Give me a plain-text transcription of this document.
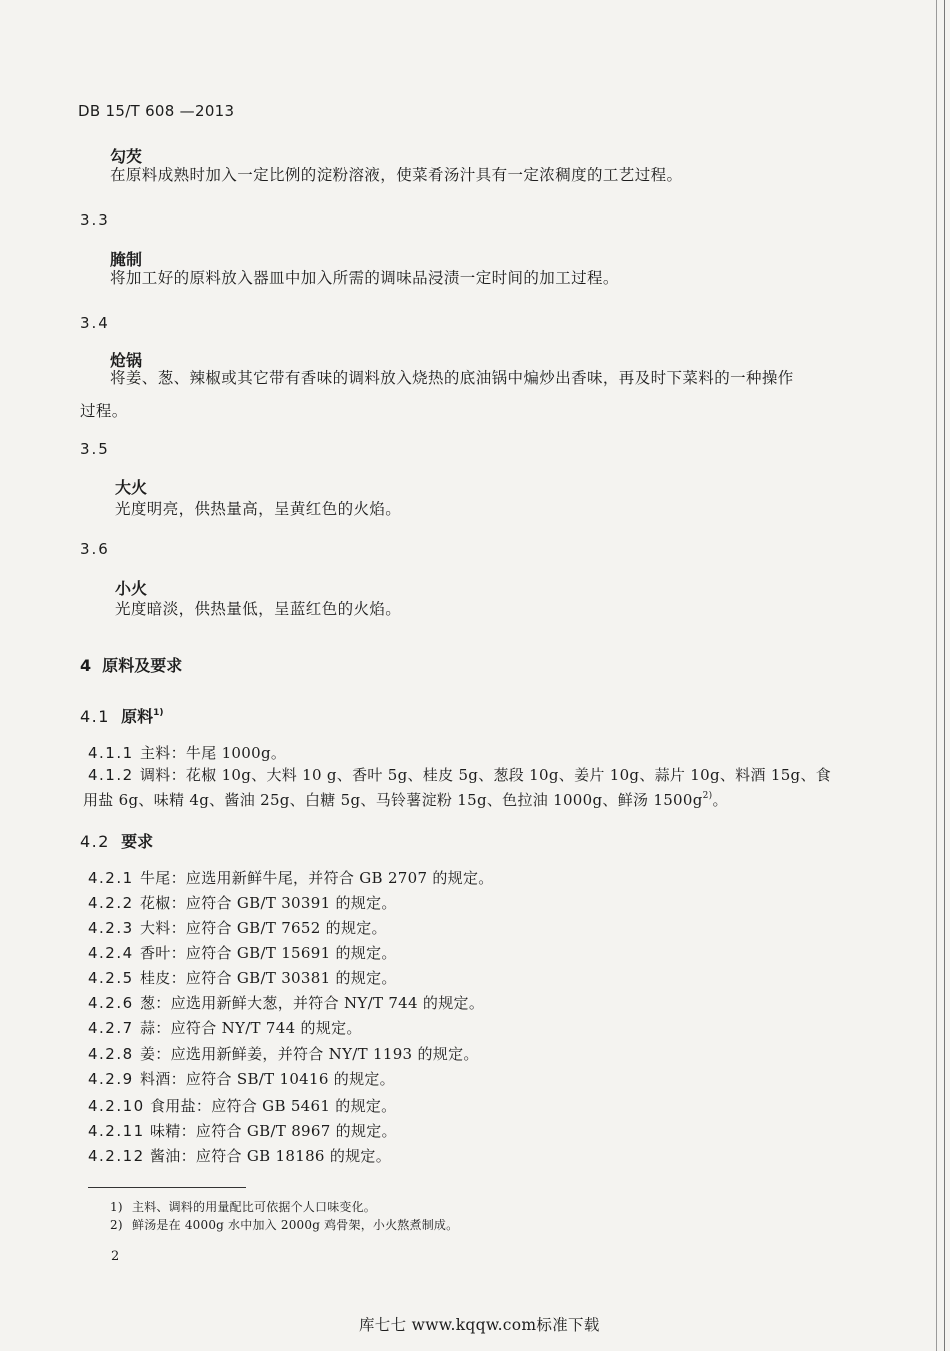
DB 15/T 608 —2013
勾芡
在原料成熟时加入一定比例的淀粉溶液，使菜肴汤汁具有一定浓稠度的工艺过程。
3.3
腌制
将加工好的原料放入器皿中加入所需的调味品浸渍一定时间的加工过程。
3.4
炝锅
将姜、葱、辣椒或其它带有香味的调料放入烧热的底油锅中煸炒出香味，再及时下菜料的一种操作
过程。
3.5
大火
光度明亮，供热量高，呈黄红色的火焰。
3.6
小火
光度暗淡，供热量低，呈蓝红色的火焰。
4 原料及要求
4.1 原料$^{1)}$
4.1.1 主料：牛尾 1000g。
4.1.2 调料：花椒 10g、大料 10 g、香叶 5g、桂皮 5g、葱段 10g、姜片 10g、蒜片 10g、料酒 15g、食
用盐 6g、味精 4g、酱油 25g、白糖 5g、马铃薯淀粉 15g、色拉油 1000g、鲜汤 $1500g^{2)}$。
4.2 要求
4.2.1 牛尾：应选用新鲜牛尾，并符合 GB 2707 的规定。
4.2.2 花椒：应符合 GB/T 30391 的规定。
4.2.3 大料：应符合 GB/T 7652 的规定。
4.2.4 香叶：应符合 GB/T 15691 的规定。
4.2.5 桂皮：应符合 GB/T 30381 的规定。
4.2.6 葱：应选用新鲜大葱，并符合 NY/T 744 的规定。
4.2.7 蒜：应符合 NY/T 744 的规定。
4.2.8 姜：应选用新鲜姜，并符合 NY/T 1193 的规定。
4.2.9 料酒：应符合 SB/T 10416 的规定。
4.2.10 食用盐：应符合 GB 5461 的规定。
4.2.11 味精：应符合 GB/T 8967 的规定。
4.2.12 酱油：应符合 GB 18186 的规定。
1) 主料、调料的用量配比可依据个人口味变化。
2) 鲜汤是在 4000g 水中加入 2000g 鸡骨架，小火熬煮制成。
2
库七七 www.kqqw.com标准下载
